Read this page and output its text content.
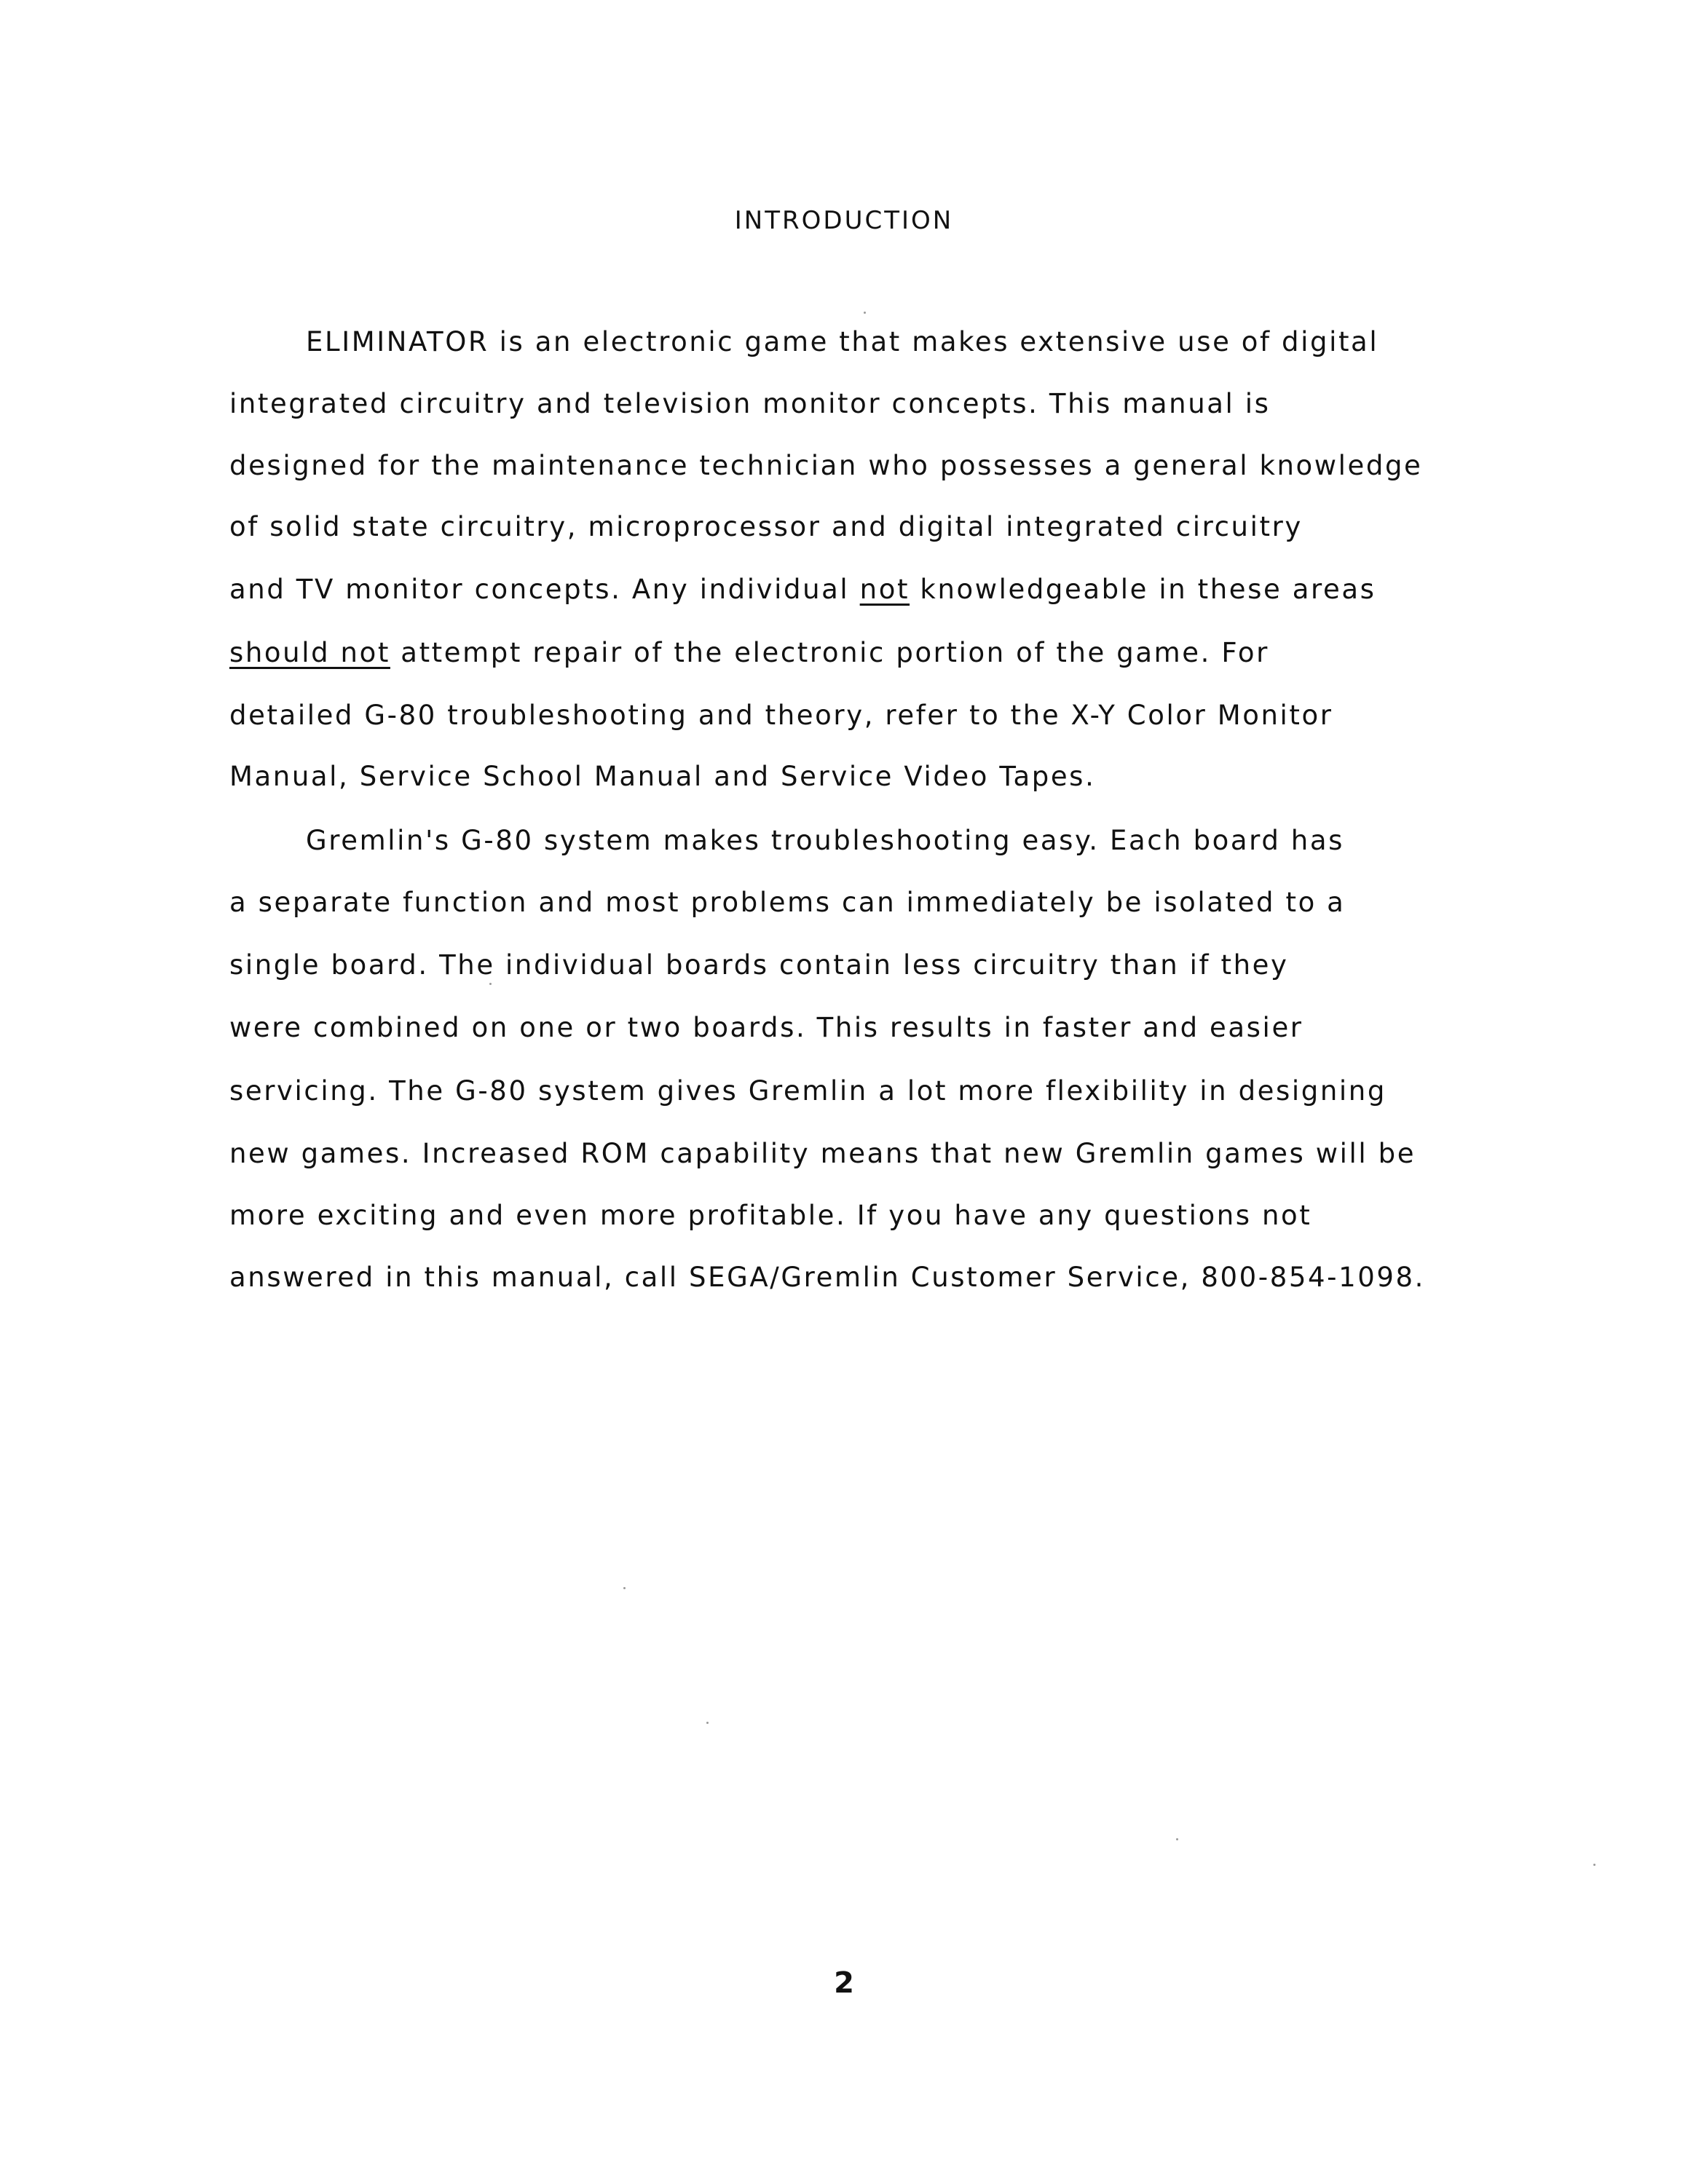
INTRODUCTION
ELIMINATOR is an electronic game that makes extensive use of digital
integrated circuitry and television monitor concepts. This manual is
designed for the maintenance technician who possesses a general knowledge
of solid state circuitry, microprocessor and digital integrated circuitry
and TV monitor concepts. Any individual not knowledgeable in these areas
should not attempt repair of the electronic portion of the game. For
detailed G-80 troubleshooting and theory, refer to the X-Y Color Monitor
Manual, Service School Manual and Service Video Tapes.
Gremlin's G-80 system makes troubleshooting easy. Each board has
a separate function and most problems can immediately be isolated to a
single board. The individual boards contain less circuitry than if they
were combined on one or two boards. This results in faster and easier
servicing. The G-80 system gives Gremlin a lot more flexibility in designing
new games. Increased ROM capability means that new Gremlin games will be
more exciting and even more profitable. If you have any questions not
answered in this manual, call SEGA/Gremlin Customer Service, 800-854-1098.
2
